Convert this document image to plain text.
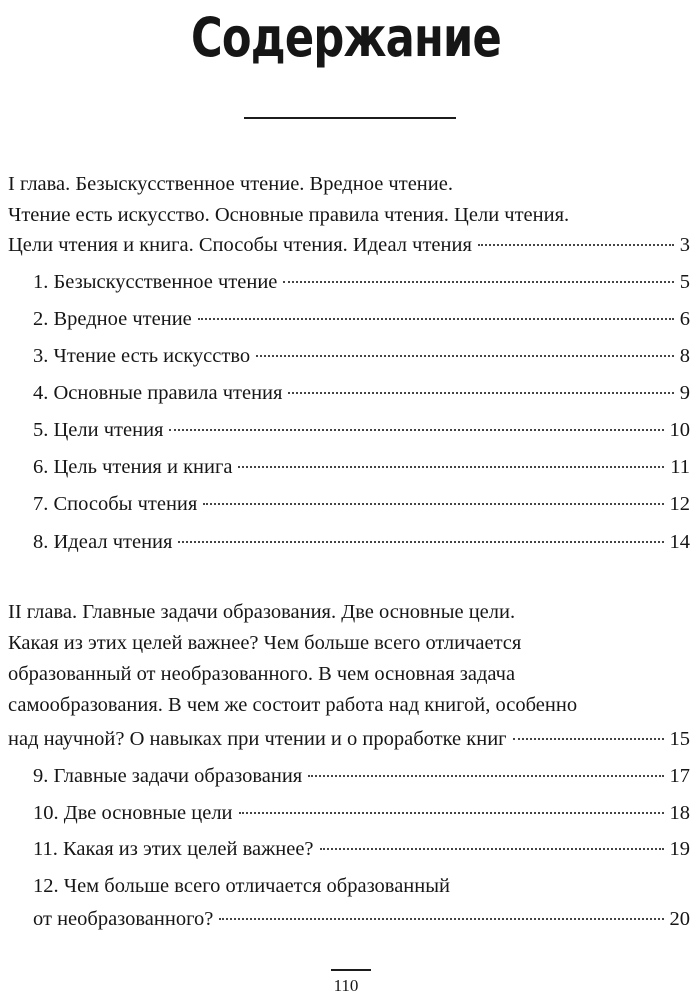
Содержание
I глава. Безыскусственное чтение. Вредное чтение.
Чтение есть искусство. Основные правила чтения. Цели чтения.
Цели чтения и книга. Способы чтения. Идеал чтения	3
1. Безыскусственное чтение	5
2. Вредное чтение	6
3. Чтение есть искусство	8
4. Основные правила чтения	9
5. Цели чтения	10
6. Цель чтения и книга	11
7. Способы чтения	12
8. Идеал чтения	14
II глава. Главные задачи образования. Две основные цели.
Какая из этих целей важнее? Чем больше всего отличается
образованный от необразованного. В чем основная задача
самообразования. В чем же состоит работа над книгой, особенно
над научной? О навыках при чтении и о проработке книг	15
9. Главные задачи образования	17
10. Две основные цели	18
11. Какая из этих целей важнее?	19
12. Чем больше всего отличается образованный
от необразованного?	20
110
